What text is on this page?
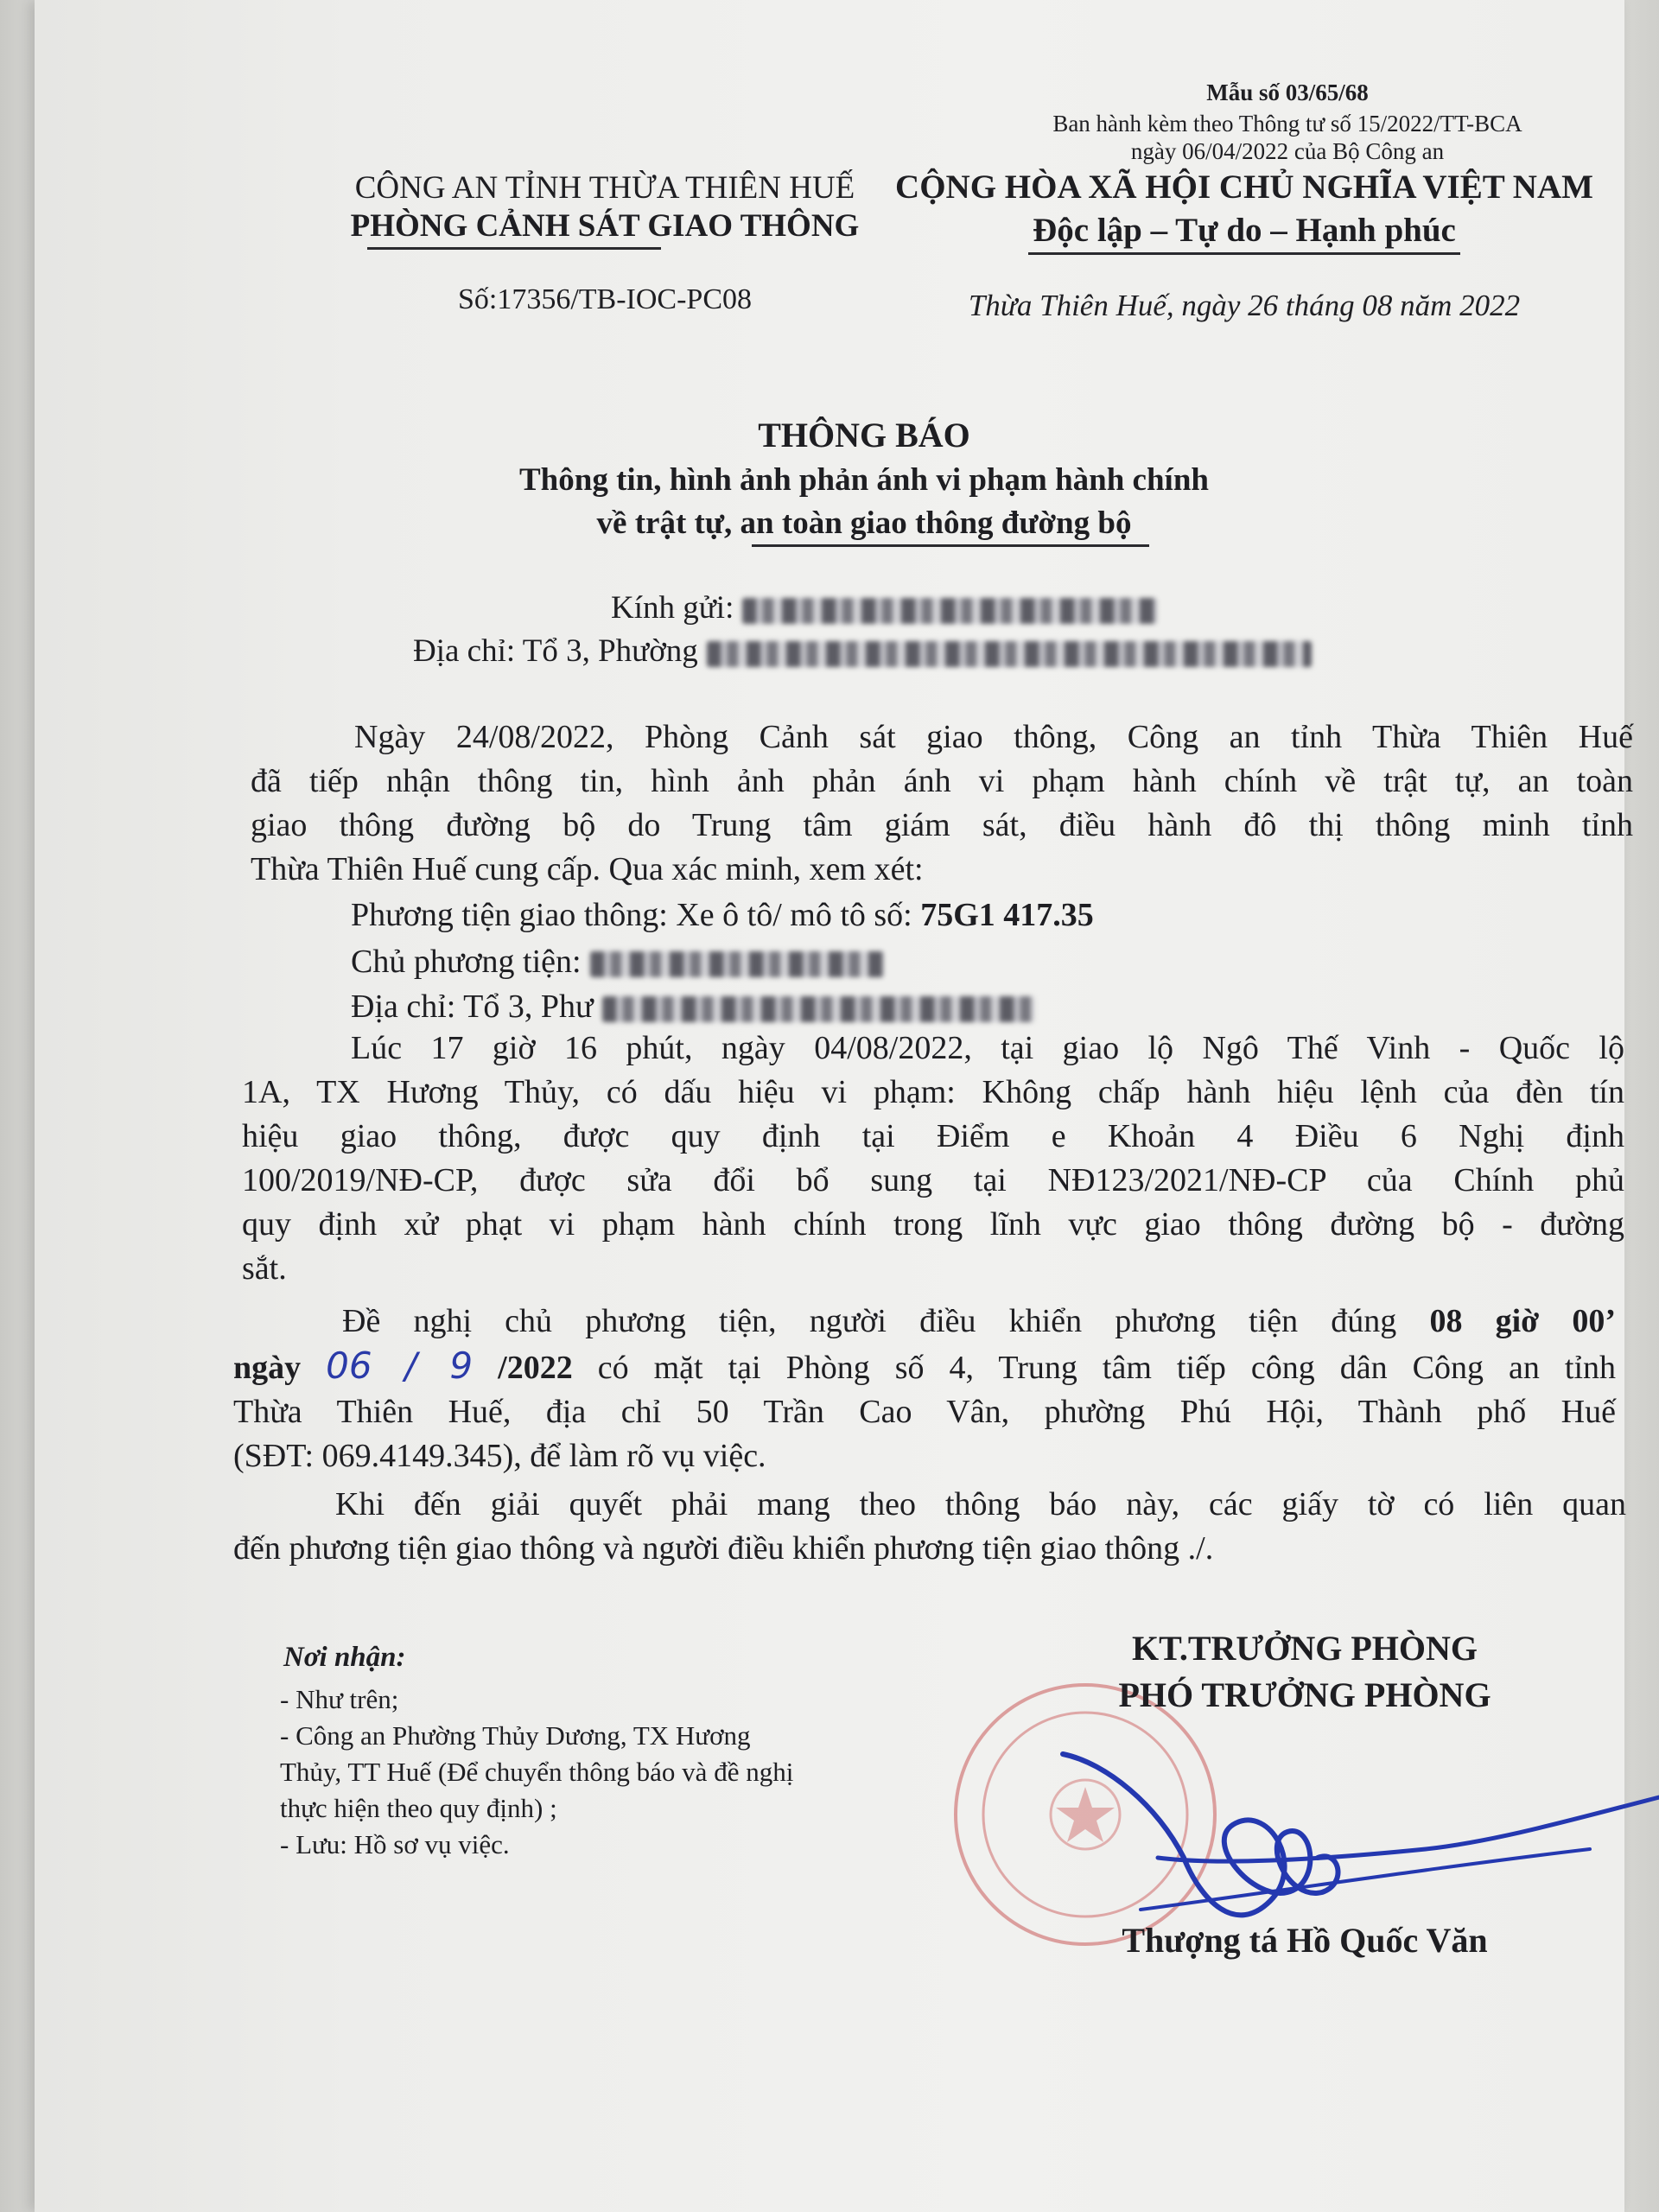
Mẫu số 03/65/68
Ban hành kèm theo Thông tư số 15/2022/TT-BCA
ngày 06/04/2022 của Bộ Công an
CÔNG AN TỈNH THỪA THIÊN HUẾ
PHÒNG CẢNH SÁT GIAO THÔNG
CỘNG HÒA XÃ HỘI CHỦ NGHĨA VIỆT NAM
Độc lập – Tự do – Hạnh phúc
Số:17356/TB-IOC-PC08	Thừa Thiên Huế, ngày 26 tháng 08 năm 2022
THÔNG BÁO
Thông tin, hình ảnh phản ánh vi phạm hành chính
về trật tự, an toàn giao thông đường bộ
Kính gửi:
Địa chỉ: Tổ 3, Phường
Ngày 24/08/2022, Phòng Cảnh sát giao thông, Công an tỉnh Thừa Thiên Huế
đã tiếp nhận thông tin, hình ảnh phản ánh vi phạm hành chính về trật tự, an toàn
giao thông đường bộ do Trung tâm giám sát, điều hành đô thị thông minh tỉnh
Thừa Thiên Huế cung cấp. Qua xác minh, xem xét:
Phương tiện giao thông: Xe ô tô/ mô tô số: 75G1 417.35
Chủ phương tiện:
Địa chỉ: Tổ 3, Phư
Lúc 17 giờ 16 phút, ngày 04/08/2022, tại giao lộ Ngô Thế Vinh - Quốc lộ
1A, TX Hương Thủy, có dấu hiệu vi phạm: Không chấp hành hiệu lệnh của đèn tín
hiệu giao thông, được quy định tại Điểm e Khoản 4 Điều 6 Nghị định
100/2019/NĐ-CP, được sửa đổi bổ sung tại NĐ123/2021/NĐ-CP của Chính phủ
quy định xử phạt vi phạm hành chính trong lĩnh vực giao thông đường bộ - đường
sắt.
Đề nghị chủ phương tiện, người điều khiển phương tiện đúng 08 giờ 00’
ngày 06 / 9 /2022 có mặt tại Phòng số 4, Trung tâm tiếp công dân Công an tỉnh
Thừa Thiên Huế, địa chỉ 50 Trần Cao Vân, phường Phú Hội, Thành phố Huế
(SĐT: 069.4149.345), để làm rõ vụ việc.
Khi đến giải quyết phải mang theo thông báo này, các giấy tờ có liên quan
đến phương tiện giao thông và người điều khiển phương tiện giao thông ./.
Nơi nhận:
- Như trên;
- Công an Phường Thủy Dương, TX Hương
Thủy, TT Huế (Để chuyển thông báo và đề nghị
thực hiện theo quy định) ;
- Lưu: Hồ sơ vụ việc.
KT.TRƯỞNG PHÒNG
PHÓ TRƯỞNG PHÒNG
Thượng tá Hồ Quốc Văn
